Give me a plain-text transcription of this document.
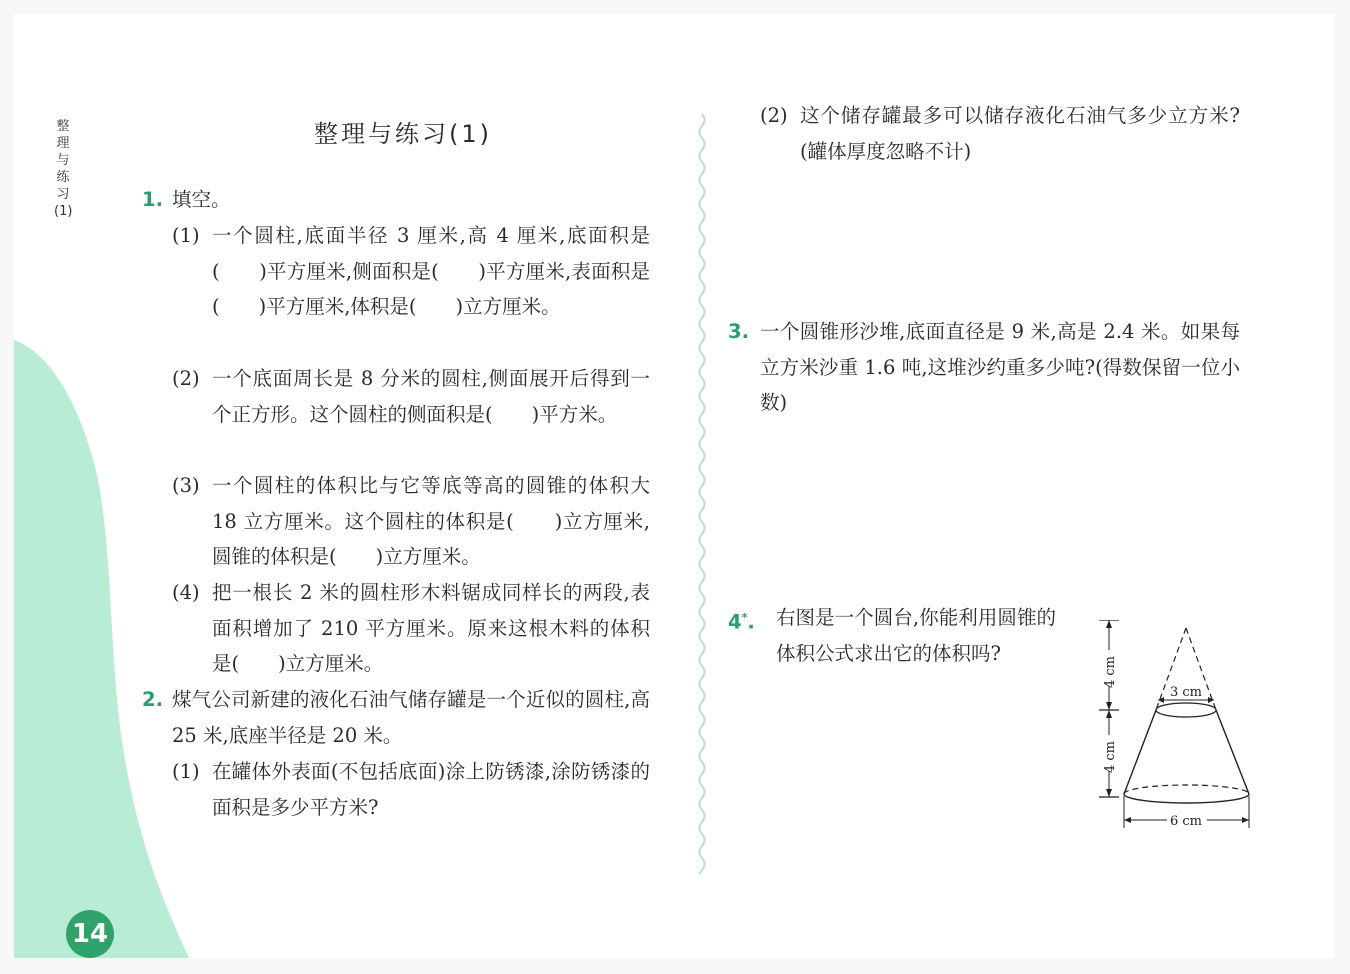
整理与练习(1)
整理与练习(1)
1. 填空。
(1) 一个圆柱,底面半径 3 厘米,高 4 厘米,底面积是(　　)平方厘米,侧面积是(　　)平方厘米,表面积是(　　)平方厘米,体积是(　　)立方厘米。

(2) 一个底面周长是 8 分米的圆柱,侧面展开后得到一个正方形。这个圆柱的侧面积是(　　)平方米。

(3) 一个圆柱的体积比与它等底等高的圆锥的体积大 18 立方厘米。这个圆柱的体积是(　　)立方厘米,圆锥的体积是(　　)立方厘米。

(4) 把一根长 2 米的圆柱形木料锯成同样长的两段,表面积增加了 210 平方厘米。原来这根木料的体积是(　　)立方厘米。

2. 煤气公司新建的液化石油气储存罐是一个近似的圆柱,高 25 米,底座半径是 20 米。

(1) 在罐体外表面(不包括底面)涂上防锈漆,涂防锈漆的面积是多少平方米?

(2) 这个储存罐最多可以储存液化石油气多少立方米?(罐体厚度忽略不计)

3. 一个圆锥形沙堆,底面直径是 9 米,高是 2.4 米。如果每立方米沙重 1.6 吨,这堆沙约重多少吨?(得数保留一位小数)

4*. 右图是一个圆台,你能利用圆锥的体积公式求出它的体积吗?

4 cm
4 cm
3 cm
6 cm
14
